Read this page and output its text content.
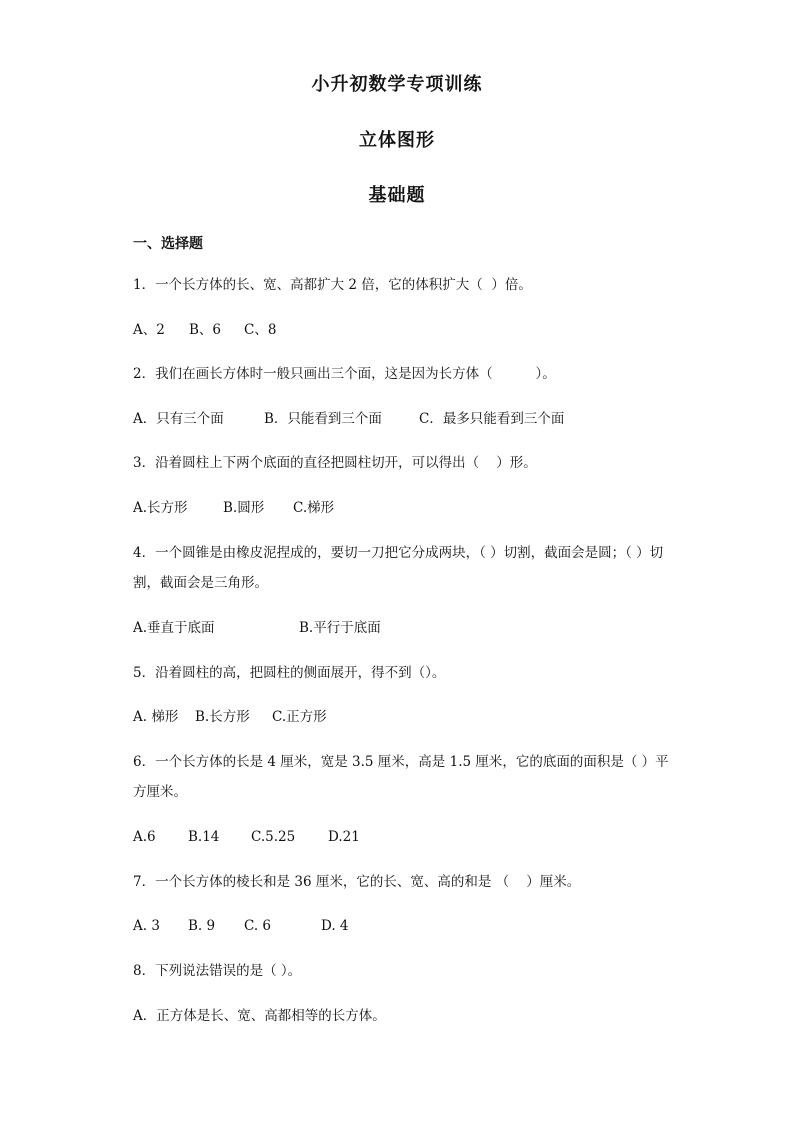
小升初数学专项训练
立体图形
基础题

一、选择题

1．一个长方体的长、宽、高都扩大 2 倍，它的体积扩大（  ）倍。

A、2 B、6 C、8

2．我们在画长方体时一般只画出三个面，这是因为长方体（          ）。

A．只有三个面	B．只能看到三个面	C．最多只能看到三个面

3．沿着圆柱上下两个底面的直径把圆柱切开，可以得出（    ）形。

A.长方形	B.圆形 C.梯形

4．一个圆锥是由橡皮泥捏成的，要切一刀把它分成两块，（ ）切割，截面会是圆；（ ）切割，截面会是三角形。

A.垂直于底面	B.平行于底面

5．沿着圆柱的高，把圆柱的侧面展开，得不到（）。

A. 梯形 B.长方形 C.正方形

6．一个长方体的长是 4 厘米，宽是 3.5 厘米，高是 1.5 厘米，它的底面的面积是（ ）平方厘米。

A.6 B.14 C.5.25 D.21

7．一个长方体的棱长和是 36 厘米，它的长、宽、高的和是 （    ）厘米。

A. 3 B. 9 C. 6	D. 4

8．下列说法错误的是（ ）。

A．正方体是长、宽、高都相等的长方体。
